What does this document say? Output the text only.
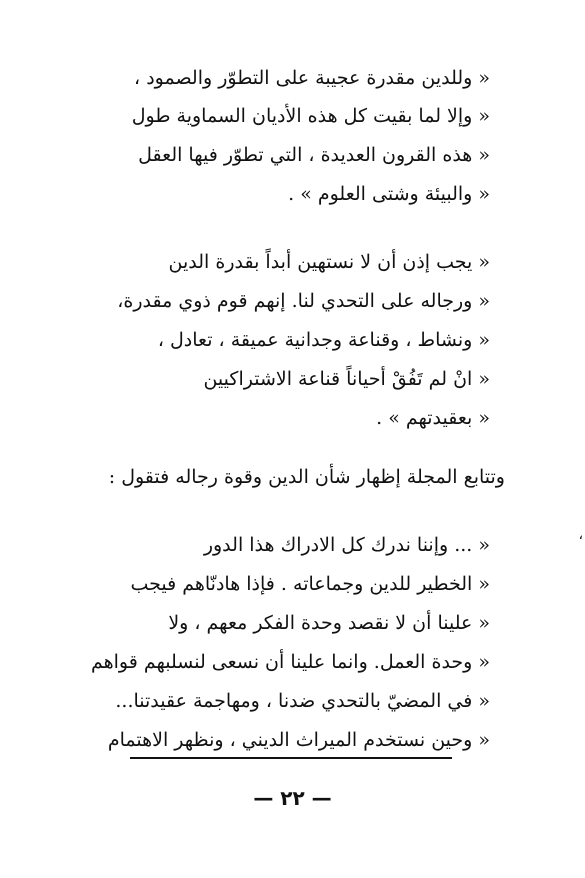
« وللدين مقدرة عجيبة على التطوّر والصمود ،
« وإلا لما بقيت كل هذه الأديان السماوية طول
« هذه القرون العديدة ، التي تطوّر فيها العقل
« والبيئة وشتى العلوم » .
« يجب إذن أن لا نستهين أبداً بقدرة الدين
« ورجاله على التحدي لنا. إنهم قوم ذوي مقدرة،
« ونشاط ، وقناعة وجدانية عميقة ، تعادل ،
« انْ لم تَفُقْ أحياناً قناعة الاشتراكيين
« بعقيدتهم » .
وتتابع المجلة إظهار شأن الدين وقوة رجاله فتقول :
،
« ... وإننا ندرك كل الادراك هذا الدور
« الخطير للدين وجماعاته . فإذا هادنّاهم فيجب
« علينا أن لا نقصد وحدة الفكر معهم ، ولا
« وحدة العمل. وانما علينا أن نسعى لنسلبهم قواهم
« في المضيّ بالتحدي ضدنا ، ومهاجمة عقيدتنا...
« وحين نستخدم الميراث الديني ، ونظهر الاهتمام
— ٢٢ —
